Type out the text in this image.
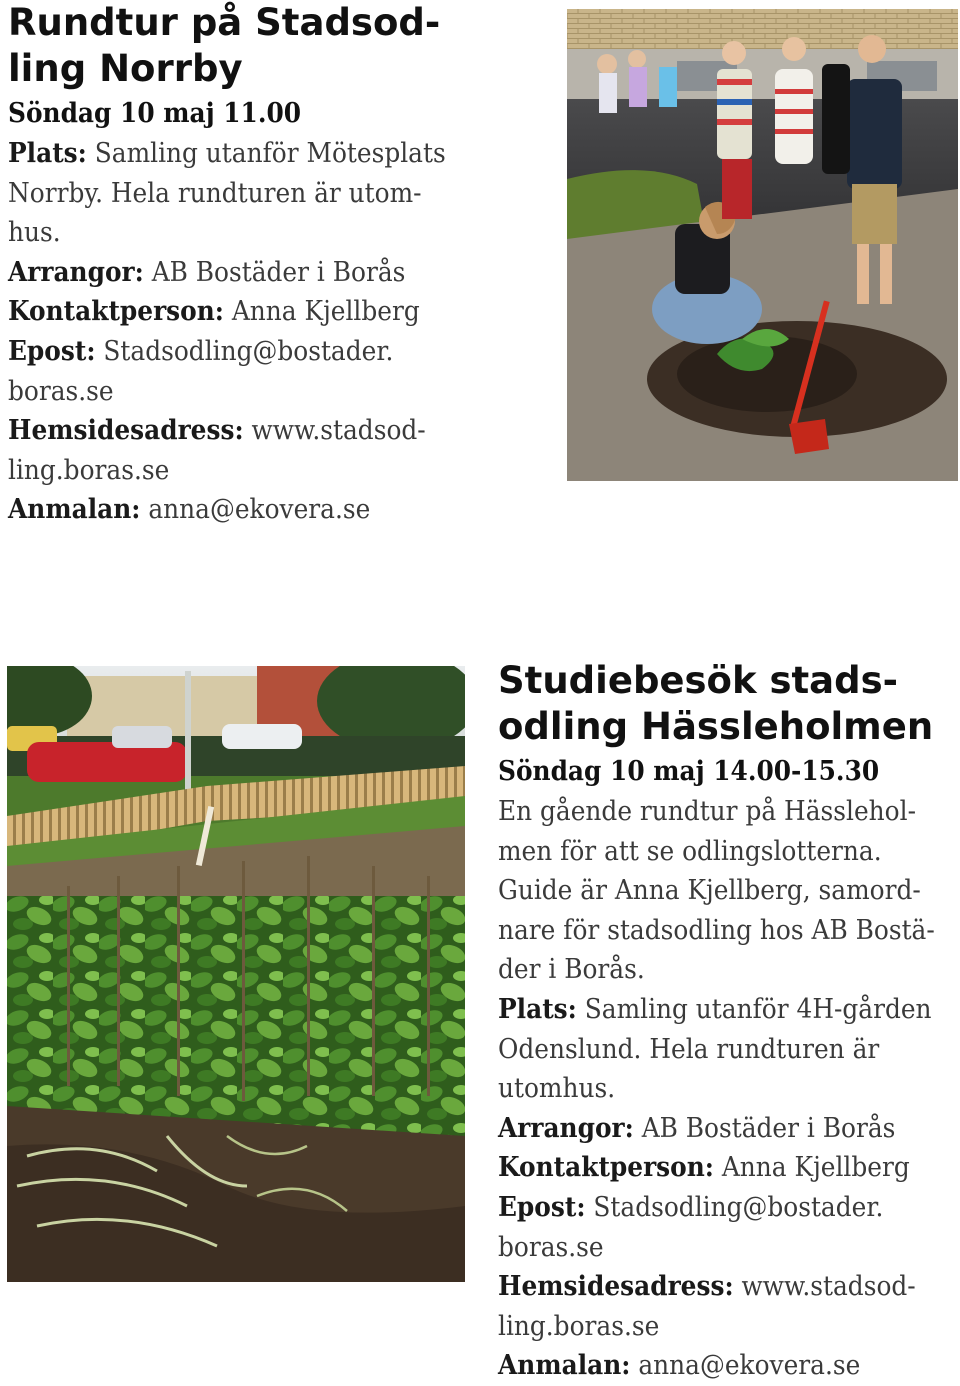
Rundtur på Stadsod-
ling Norrby

Söndag 10 maj 11.00

Plats: Samling utanför Mötesplats
Norrby. Hela rundturen är utom-
hus.
Arrangor: AB Bostäder i Borås
Kontaktperson: Anna Kjellberg
Epost: Stadsodling@bostader.
boras.se
Hemsidesadress: www.stadsod-
ling.boras.se
Anmalan: anna@ekovera.se
Studiebesök stads-
odling Hässleholmen

Söndag 10 maj 14.00-15.30

En gående rundtur på Hässlehol-
men för att se odlingslotterna.
Guide är Anna Kjellberg, samord-
nare för stadsodling hos AB Bostä-
der i Borås.
Plats: Samling utanför 4H-gården
Odenslund. Hela rundturen är
utomhus.
Arrangor: AB Bostäder i Borås
Kontaktperson: Anna Kjellberg
Epost: Stadsodling@bostader.
boras.se
Hemsidesadress: www.stadsod-
ling.boras.se
Anmalan: anna@ekovera.se
